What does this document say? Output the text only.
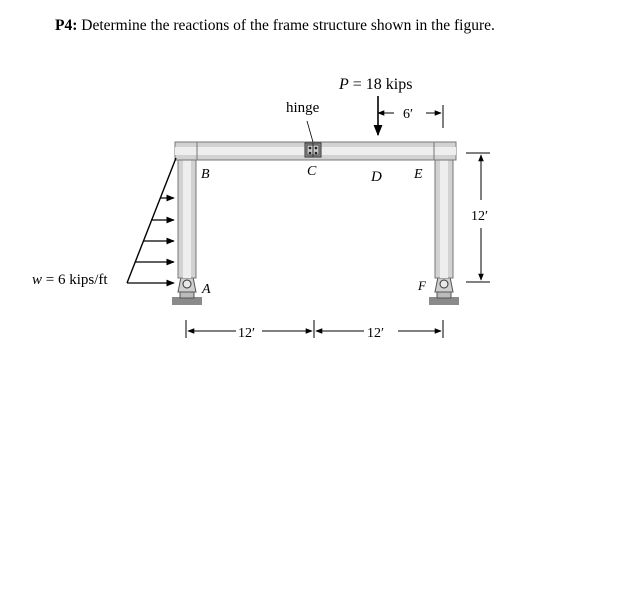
P4: Determine the reactions of the frame structure shown in the figure.
P = 18 kips
hinge	6′
B	C	D E
A	F
12′
12′	12′
w = 6 kips/ft
